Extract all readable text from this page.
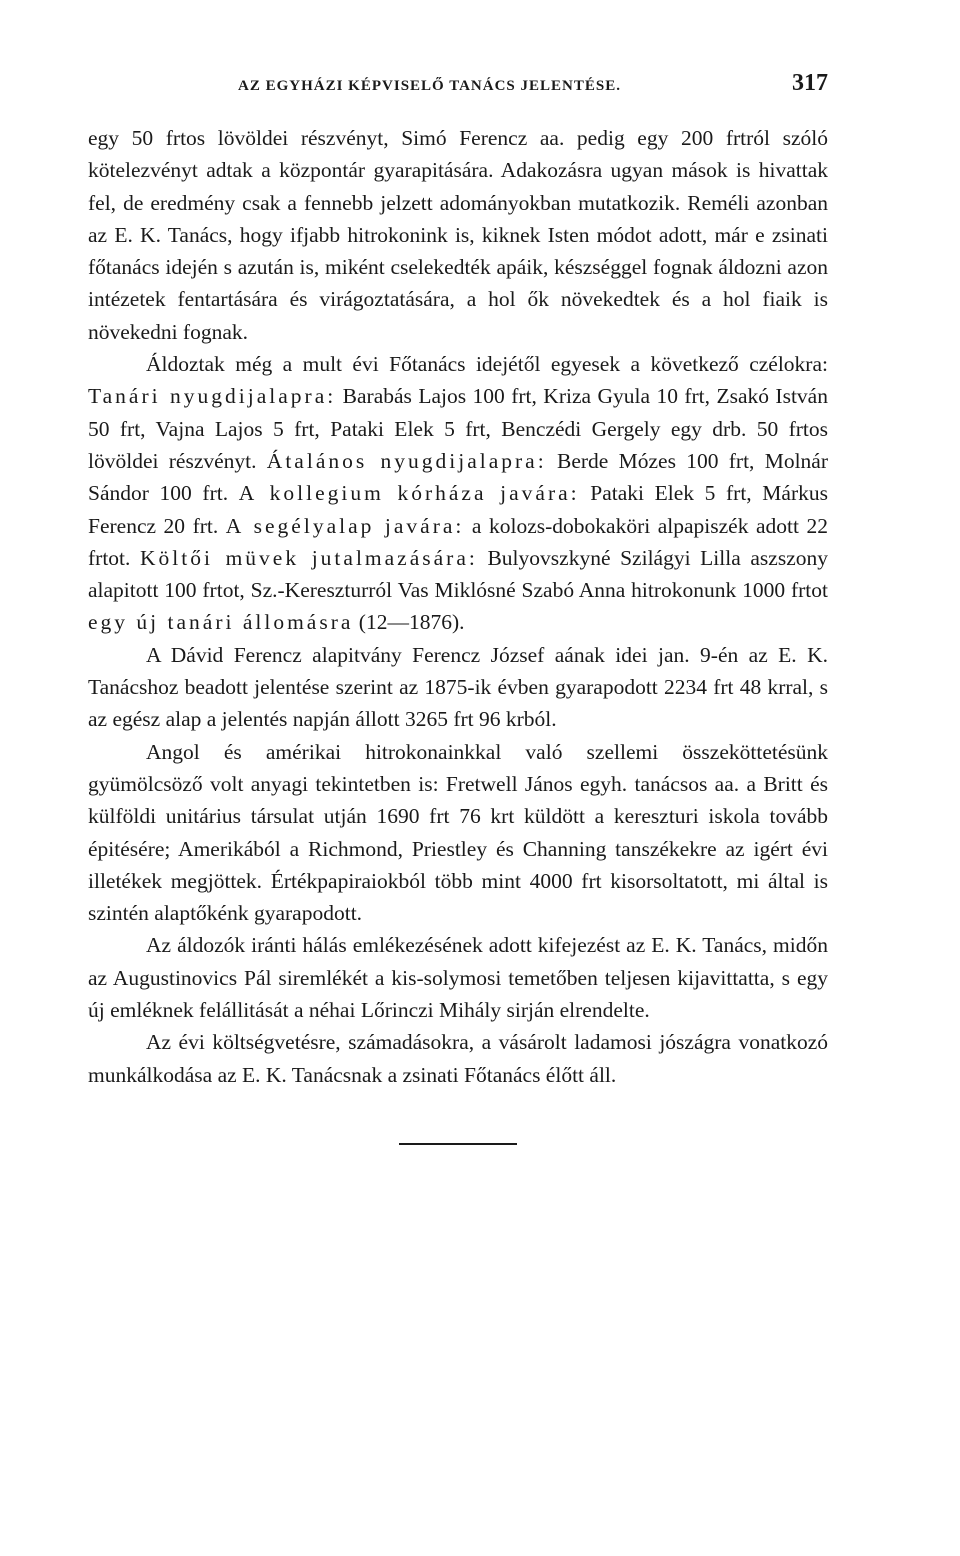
AZ EGYHÁZI KÉPVISELŐ TANÁCS JELENTÉSE.	317

egy 50 frtos lövöldei részvényt, Simó Ferencz aa. pedig egy 200 frtról szóló kötelezvényt adtak a központár gyarapitására. Adakozásra ugyan mások is hivattak fel, de eredmény csak a fennebb jelzett adományokban mutatkozik. Reméli azonban az E. K. Tanács, hogy ifjabb hitrokonink is, kiknek Isten módot adott, már e zsinati főtanács idején s azután is, miként cselekedték apáik, készséggel fognak áldozni azon intézetek fentartására és virágoztatására, a hol ők növekedtek és a hol fiaik is növekedni fognak.

Áldoztak még a mult évi Főtanács idejétől egyesek a következő czélokra: Tanári nyugdijalapra: Barabás Lajos 100 frt, Kriza Gyula 10 frt, Zsakó István 50 frt, Vajna Lajos 5 frt, Pataki Elek 5 frt, Benczédi Gergely egy drb. 50 frtos lövöldei részvényt. Átalános nyugdijalapra: Berde Mózes 100 frt, Molnár Sándor 100 frt. A kollegium kórháza javára: Pataki Elek 5 frt, Márkus Ferencz 20 frt. A segélyalap javára: a kolozs-dobokaköri alpapiszék adott 22 frtot. Költői müvek jutalmazására: Bulyovszkyné Szilágyi Lilla aszszony alapitott 100 frtot, Sz.-Kereszturról Vas Miklósné Szabó Anna hitrokonunk 1000 frtot egy új tanári állomásra (12—1876).

A Dávid Ferencz alapitvány Ferencz József aának idei jan. 9-én az E. K. Tanácshoz beadott jelentése szerint az 1875-ik évben gyarapodott 2234 frt 48 krral, s az egész alap a jelentés napján állott 3265 frt 96 krból.

Angol és amérikai hitrokonainkkal való szellemi összeköttetésünk gyümölcsöző volt anyagi tekintetben is: Fretwell János egyh. tanácsos aa. a Britt és külföldi unitárius társulat utján 1690 frt 76 krt küldött a kereszturi iskola tovább épitésére; Amerikából a Richmond, Priestley és Channing tanszékekre az igért évi illetékek megjöttek. Értékpapiraiokból több mint 4000 frt kisorsoltatott, mi által is szintén alaptőkénk gyarapodott.

Az áldozók iránti hálás emlékezésének adott kifejezést az E. K. Tanács, midőn az Augustinovics Pál siremlékét a kis-solymosi temetőben teljesen kijavittatta, s egy új emléknek felállitását a néhai Lőrinczi Mihály sirján elrendelte.

Az évi költségvetésre, számadásokra, a vásárolt ladamosi jószágra vonatkozó munkálkodása az E. K. Tanácsnak a zsinati Főtanács élőtt áll.
